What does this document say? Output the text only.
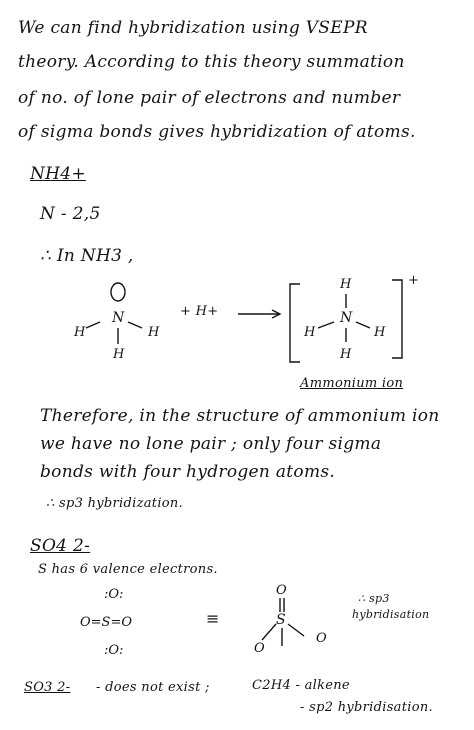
We can find hybridization using VSEPR
theory. According to this theory summation
of no. of lone pair of electrons and number
of sigma bonds gives hybridization of atoms.
NH4+
N - 2,5
∴ In NH3 ,
N
H
H
H
H
N
H	H
H
+
+ H+
Ammonium ion
Therefore, in the structure of ammonium ion
we have no lone pair ; only four sigma
bonds with four hydrogen atoms.
∴ sp3 hybridization.
SO4 2-
S has 6 valence electrons.
:O:
O=S=O
:O:
≡
O
S
O
O
∴ sp3
hybridisation
SO3 2- - does not exist ;	C2H4 - alkene
- sp2 hybridisation.
